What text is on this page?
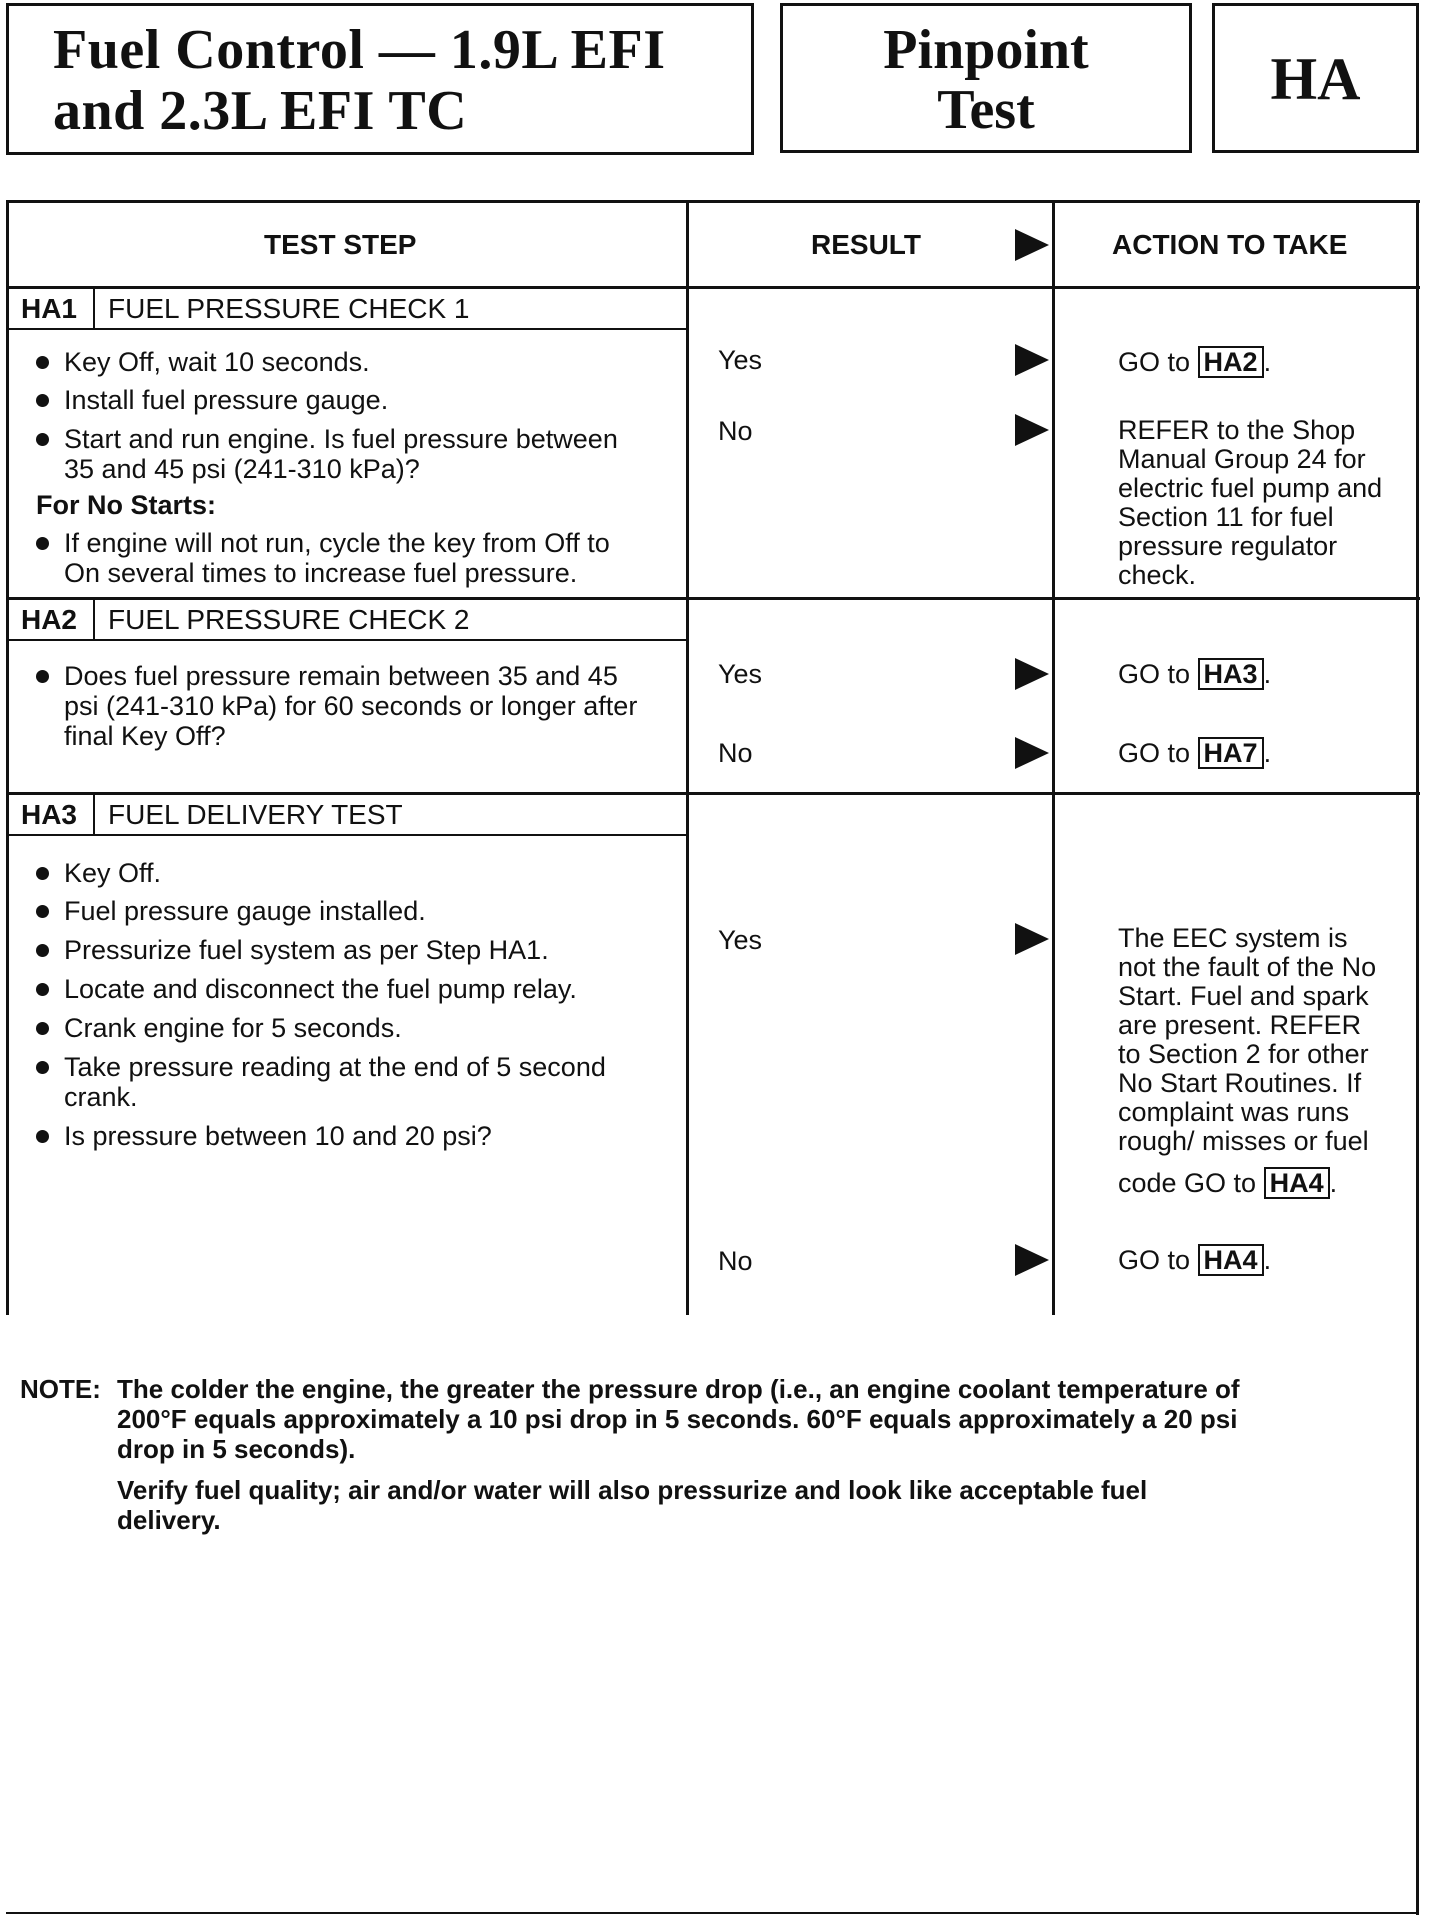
Fuel Control — 1.9L EFI
and 2.3L EFI TC
Pinpoint
Test	HA
TEST STEP	RESULT	ACTION TO TAKE
HA1	FUEL PRESSURE CHECK 1
Key Off, wait 10 seconds.
Install fuel pressure gauge.
Start and run engine. Is fuel pressure between
35 and 45 psi (241-310 kPa)?
For No Starts:
If engine will not run, cycle the key from Off to
On several times to increase fuel pressure.
Yes	GO to HA2 .
No	REFER to the Shop
Manual Group 24 for
electric fuel pump and
Section 11 for fuel
pressure regulator
check.
HA2	FUEL PRESSURE CHECK 2
Does fuel pressure remain between 35 and 45
psi (241-310 kPa) for 60 seconds or longer after
final Key Off?
Yes	GO to HA3 .
No	GO to HA7 .
HA3	FUEL DELIVERY TEST
Key Off.
Fuel pressure gauge installed.
Pressurize fuel system as per Step HA1.
Locate and disconnect the fuel pump relay.
Crank engine for 5 seconds.
Take pressure reading at the end of 5 second
crank.
Is pressure between 10 and 20 psi?
Yes	The EEC system is
not the fault of the No
Start. Fuel and spark
are present. REFER
to Section 2 for other
No Start Routines. If
complaint was runs
rough/ misses or fuel
code GO to HA4 .
No	GO to HA4 .
NOTE: The colder the engine, the greater the pressure drop (i.e., an engine coolant temperature of
200°F equals approximately a 10 psi drop in 5 seconds. 60°F equals approximately a 20 psi
drop in 5 seconds).
Verify fuel quality; air and/or water will also pressurize and look like acceptable fuel
delivery.
